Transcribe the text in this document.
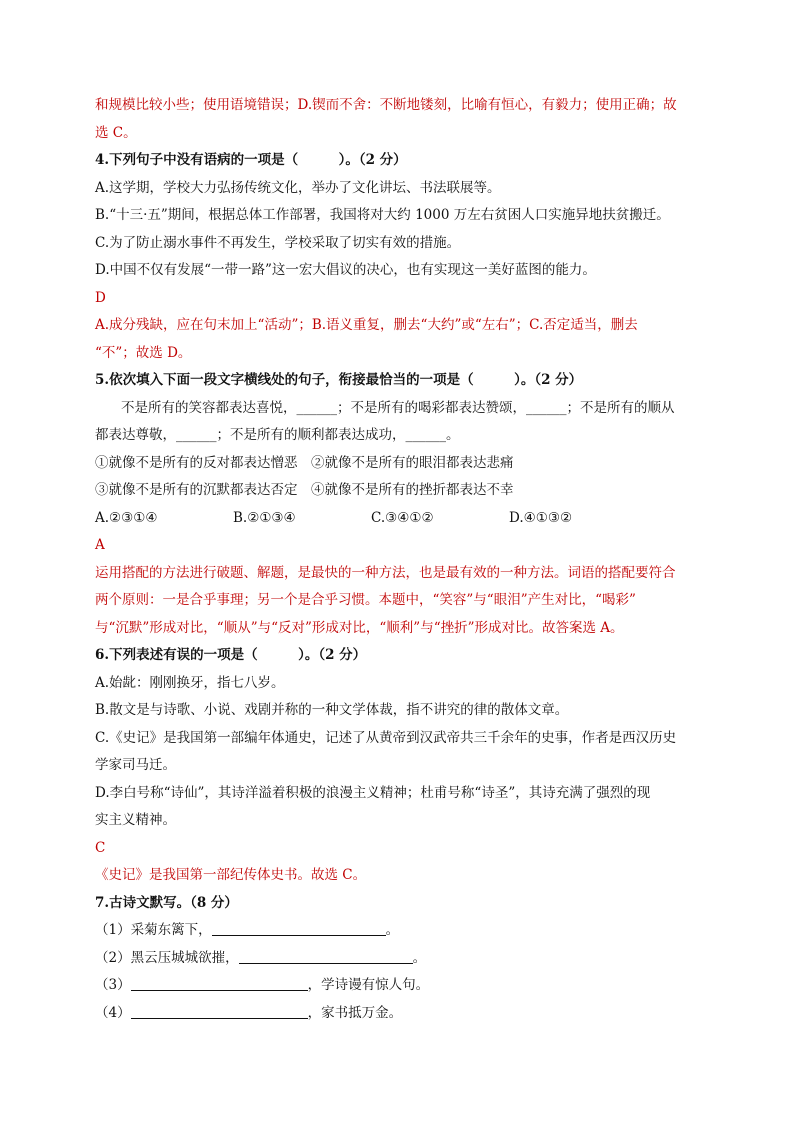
和规模比较小些；使用语境错误；D.锲而不舍：不断地镂刻，比喻有恒心，有毅力；使用正确；故
选 C。
4.下列句子中没有语病的一项是（　　　）。（2 分）
A.这学期，学校大力弘扬传统文化，举办了文化讲坛、书法联展等。
B.“十三·五”期间，根据总体工作部署，我国将对大约 1000 万左右贫困人口实施异地扶贫搬迁。
C.为了防止溺水事件不再发生，学校采取了切实有效的措施。
D.中国不仅有发展“一带一路”这一宏大倡议的决心，也有实现这一美好蓝图的能力。
D
A.成分残缺，应在句末加上“活动”；B.语义重复，删去“大约”或“左右”；C.否定适当，删去
“不”；故选 D。
5.依次填入下面一段文字横线处的句子，衔接最恰当的一项是（　　　）。（2 分）
不是所有的笑容都表达喜悦，______；不是所有的喝彩都表达赞颂，______；不是所有的顺从
都表达尊敬，______；不是所有的顺利都表达成功，______。
①就像不是所有的反对都表达憎恶　②就像不是所有的眼泪都表达悲痛
③就像不是所有的沉默都表达否定　④就像不是所有的挫折都表达不幸
A.②③①④	B.②①③④	C.③④①②	D.④①③②
A
运用搭配的方法进行破题、解题，是最快的一种方法，也是最有效的一种方法。词语的搭配要符合
两个原则：一是合乎事理；另一个是合乎习惯。本题中，“笑容”与“眼泪”产生对比，“喝彩”
与“沉默”形成对比，“顺从”与“反对”形成对比，“顺利”与“挫折”形成对比。故答案选 A。
6.下列表述有误的一项是（　　　）。（2 分）
A.始龀：刚刚换牙，指七八岁。
B.散文是与诗歌、小说、戏剧并称的一种文学体裁，指不讲究的律的散体文章。
C.《史记》是我国第一部编年体通史，记述了从黄帝到汉武帝共三千余年的史事，作者是西汉历史
学家司马迁。
D.李白号称“诗仙”，其诗洋溢着积极的浪漫主义精神；杜甫号称“诗圣”，其诗充满了强烈的现
实主义精神。
C
《史记》是我国第一部纪传体史书。故选 C。
7.古诗文默写。（8 分）
（1）采菊东篱下，	。
（2）黑云压城城欲摧，	。
（3）	，学诗谩有惊人句。
（4）	，家书抵万金。
